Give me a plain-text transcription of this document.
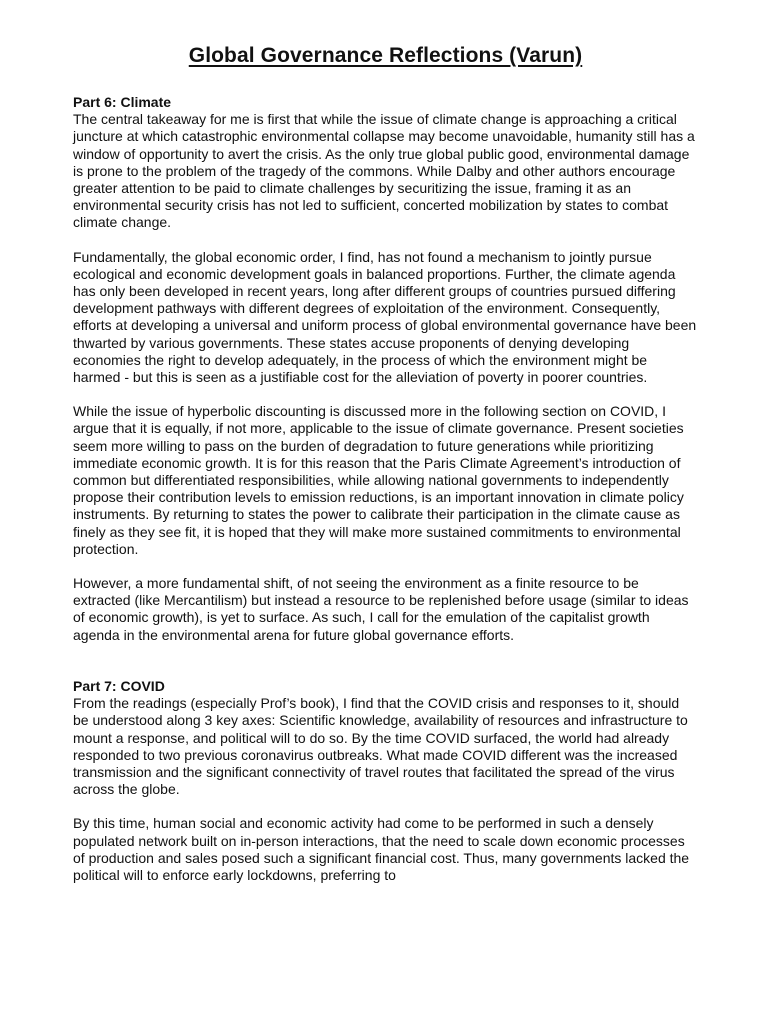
Global Governance Reflections (Varun)
Part 6: Climate

The central takeaway for me is first that while the issue of climate change is approaching a critical juncture at which catastrophic environmental collapse may become unavoidable, humanity still has a window of opportunity to avert the crisis. As the only true global public good, environmental damage is prone to the problem of the tragedy of the commons. While Dalby and other authors encourage greater attention to be paid to climate challenges by securitizing the issue, framing it as an environmental security crisis has not led to sufficient, concerted mobilization by states to combat climate change.

Fundamentally, the global economic order, I find, has not found a mechanism to jointly pursue ecological and economic development goals in balanced proportions. Further, the climate agenda has only been developed in recent years, long after different groups of countries pursued differing development pathways with different degrees of exploitation of the environment. Consequently, efforts at developing a universal and uniform process of global environmental governance have been thwarted by various governments. These states accuse proponents of denying developing economies the right to develop adequately, in the process of which the environment might be harmed - but this is seen as a justifiable cost for the alleviation of poverty in poorer countries.

While the issue of hyperbolic discounting is discussed more in the following section on COVID, I argue that it is equally, if not more, applicable to the issue of climate governance. Present societies seem more willing to pass on the burden of degradation to future generations while prioritizing immediate economic growth. It is for this reason that the Paris Climate Agreement’s introduction of common but differentiated responsibilities, while allowing national governments to independently propose their contribution levels to emission reductions, is an important innovation in climate policy instruments. By returning to states the power to calibrate their participation in the climate cause as finely as they see fit, it is hoped that they will make more sustained commitments to environmental protection.

However, a more fundamental shift, of not seeing the environment as a finite resource to be extracted (like Mercantilism) but instead a resource to be replenished before usage (similar to ideas of economic growth), is yet to surface. As such, I call for the emulation of the capitalist growth agenda in the environmental arena for future global governance efforts.

Part 7: COVID

From the readings (especially Prof’s book), I find that the COVID crisis and responses to it, should be understood along 3 key axes: Scientific knowledge, availability of resources and infrastructure to mount a response, and political will to do so. By the time COVID surfaced, the world had already responded to two previous coronavirus outbreaks. What made COVID different was the increased transmission and the significant connectivity of travel routes that facilitated the spread of the virus across the globe.

By this time, human social and economic activity had come to be performed in such a densely populated network built on in-person interactions, that the need to scale down economic processes of production and sales posed such a significant financial cost. Thus, many governments lacked the political will to enforce early lockdowns, preferring to
